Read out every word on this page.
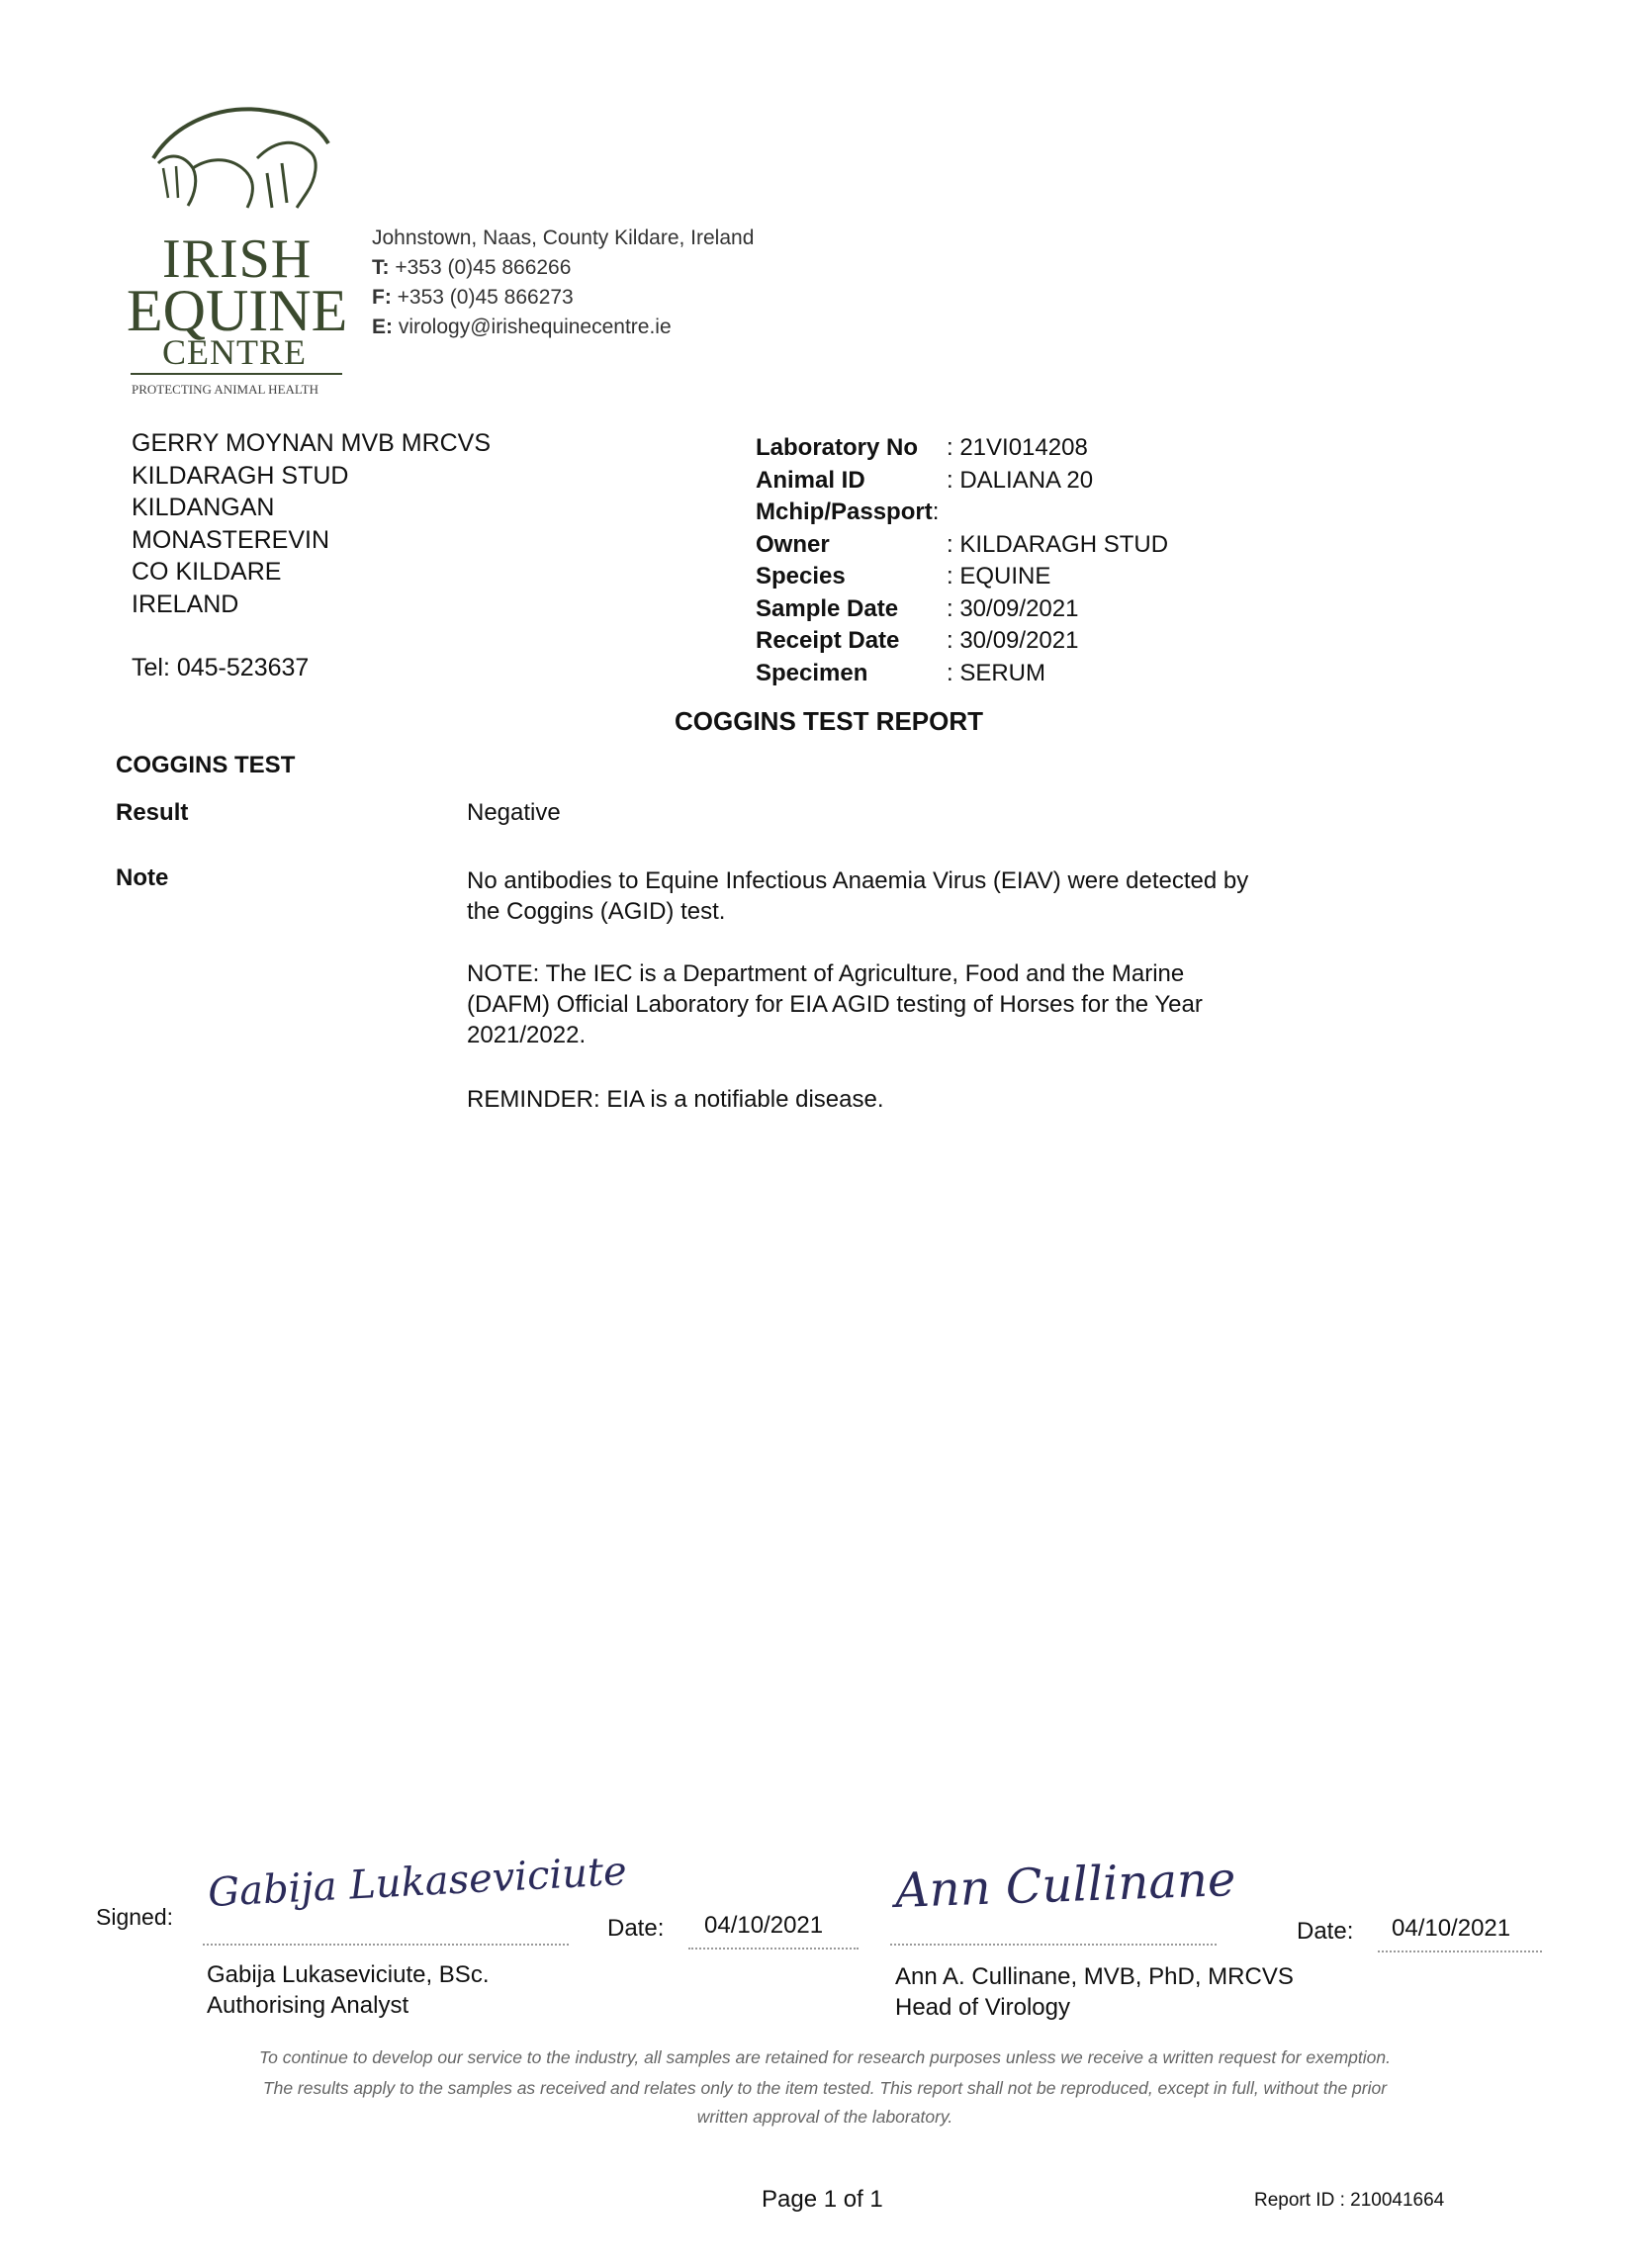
IRISH
EQUINE
CENTRE
PROTECTING ANIMAL HEALTH
Johnstown, Naas, County Kildare, Ireland
T: +353 (0)45 866266
F: +353 (0)45 866273
E: virology@irishequinecentre.ie
GERRY MOYNAN MVB MRCVS
KILDARAGH STUD
KILDANGAN
MONASTEREVIN
CO KILDARE
IRELAND
Tel: 045-523637
Laboratory No	: 21VI014208
Animal ID	: DALIANA 20
Mchip/Passport :
Owner	: KILDARAGH STUD
Species	: EQUINE
Sample Date	: 30/09/2021
Receipt Date	: 30/09/2021
Specimen	: SERUM
COGGINS TEST REPORT
COGGINS TEST
Result	Negative
Note	No antibodies to Equine Infectious Anaemia Virus (EIAV) were detected by
the Coggins (AGID) test.
NOTE: The IEC is a Department of Agriculture, Food and the Marine
(DAFM) Official Laboratory for EIA AGID testing of Horses for the Year
2021/2022.
REMINDER: EIA is a notifiable disease.
Signed:
Gabija Lukaseviciute
Date: 04/10/2021
Gabija Lukaseviciute, BSc.
Authorising Analyst
Ann Cullinane
Date: 04/10/2021
Ann A. Cullinane, MVB, PhD, MRCVS
Head of Virology
To continue to develop our service to the industry, all samples are retained for research purposes unless we receive a written request for exemption.
The results apply to the samples as received and relates only to the item tested. This report shall not be reproduced, except in full, without the prior
written approval of the laboratory.
Page 1 of 1	Report ID : 210041664
